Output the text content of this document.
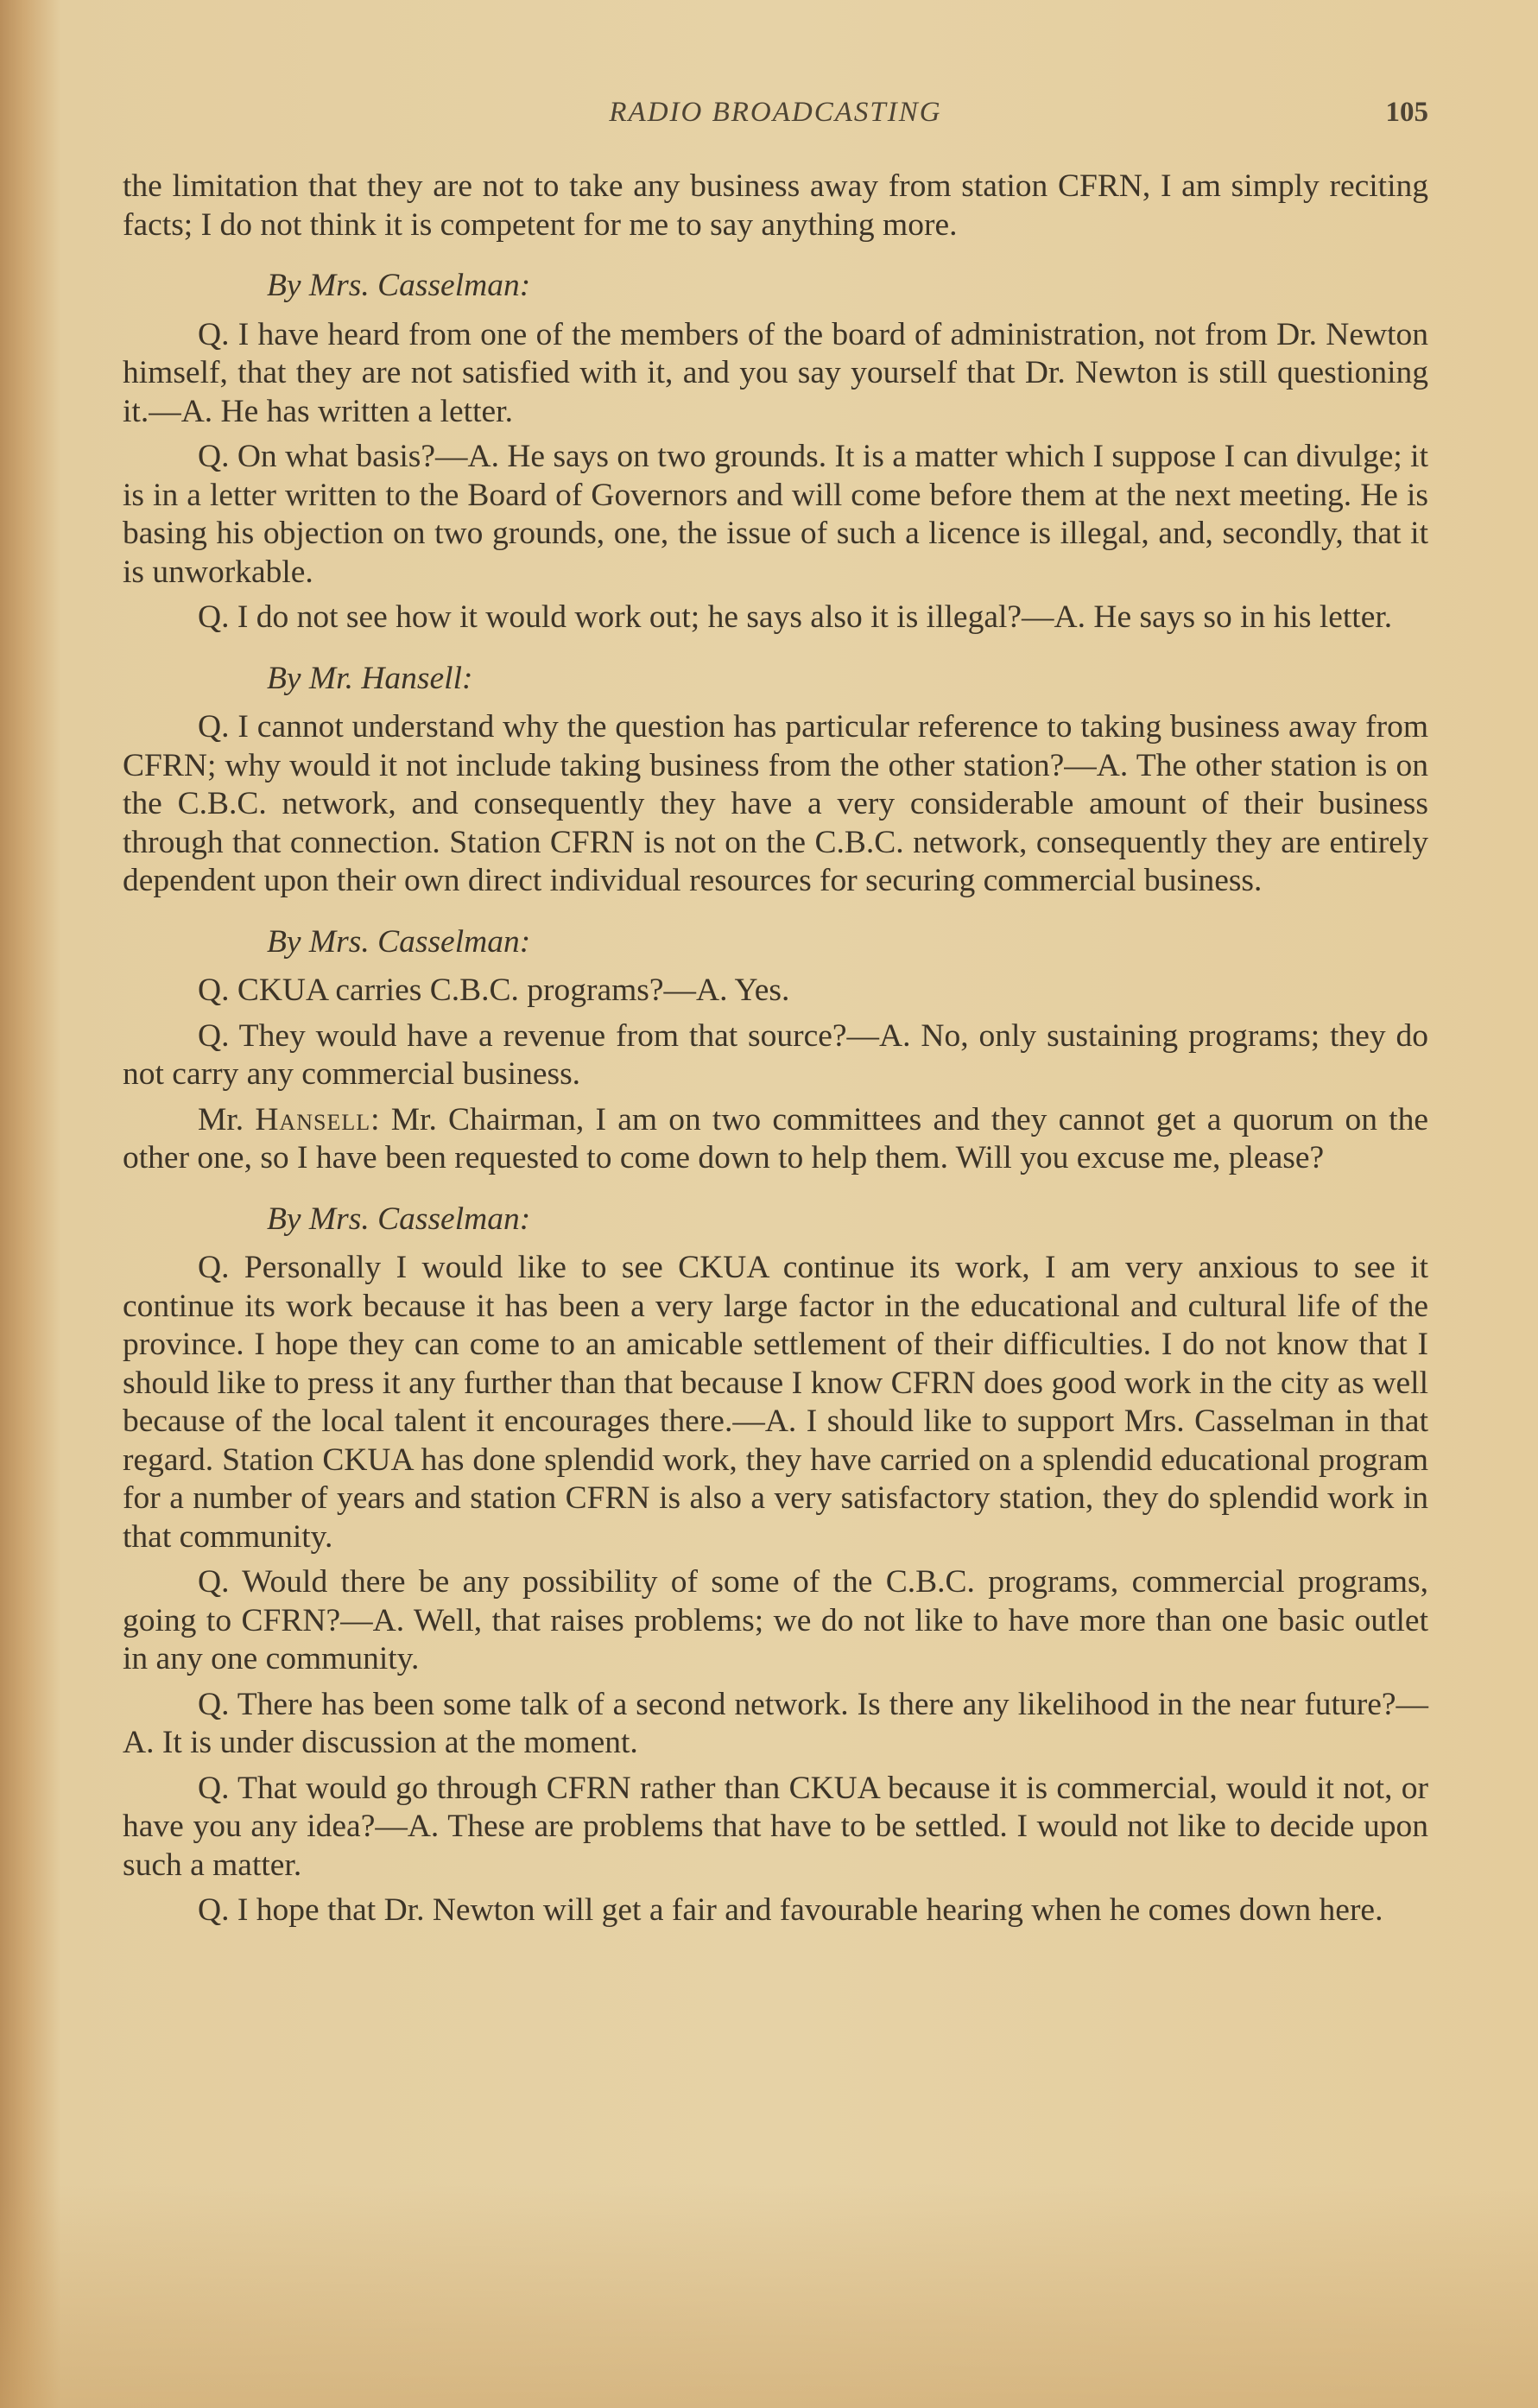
RADIO BROADCASTING	105

the limitation that they are not to take any business away from station CFRN, I am simply reciting facts; I do not think it is competent for me to say anything more.

By Mrs. Casselman:

Q. I have heard from one of the members of the board of administration, not from Dr. Newton himself, that they are not satisfied with it, and you say yourself that Dr. Newton is still questioning it.—A. He has written a letter.

Q. On what basis?—A. He says on two grounds. It is a matter which I suppose I can divulge; it is in a letter written to the Board of Governors and will come before them at the next meeting. He is basing his objection on two grounds, one, the issue of such a licence is illegal, and, secondly, that it is unworkable.

Q. I do not see how it would work out; he says also it is illegal?—A. He says so in his letter.

By Mr. Hansell:

Q. I cannot understand why the question has particular reference to taking business away from CFRN; why would it not include taking business from the other station?—A. The other station is on the C.B.C. network, and consequently they have a very considerable amount of their business through that connection. Station CFRN is not on the C.B.C. network, consequently they are entirely dependent upon their own direct individual resources for securing commercial business.

By Mrs. Casselman:

Q. CKUA carries C.B.C. programs?—A. Yes.

Q. They would have a revenue from that source?—A. No, only sustaining programs; they do not carry any commercial business.

Mr. Hansell: Mr. Chairman, I am on two committees and they cannot get a quorum on the other one, so I have been requested to come down to help them. Will you excuse me, please?

By Mrs. Casselman:

Q. Personally I would like to see CKUA continue its work, I am very anxious to see it continue its work because it has been a very large factor in the educational and cultural life of the province. I hope they can come to an amicable settlement of their difficulties. I do not know that I should like to press it any further than that because I know CFRN does good work in the city as well because of the local talent it encourages there.—A. I should like to support Mrs. Casselman in that regard. Station CKUA has done splendid work, they have carried on a splendid educational program for a number of years and station CFRN is also a very satisfactory station, they do splendid work in that community.

Q. Would there be any possibility of some of the C.B.C. programs, commercial programs, going to CFRN?—A. Well, that raises problems; we do not like to have more than one basic outlet in any one community.

Q. There has been some talk of a second network. Is there any likelihood in the near future?—A. It is under discussion at the moment.

Q. That would go through CFRN rather than CKUA because it is commercial, would it not, or have you any idea?—A. These are problems that have to be settled. I would not like to decide upon such a matter.

Q. I hope that Dr. Newton will get a fair and favourable hearing when he comes down here.
